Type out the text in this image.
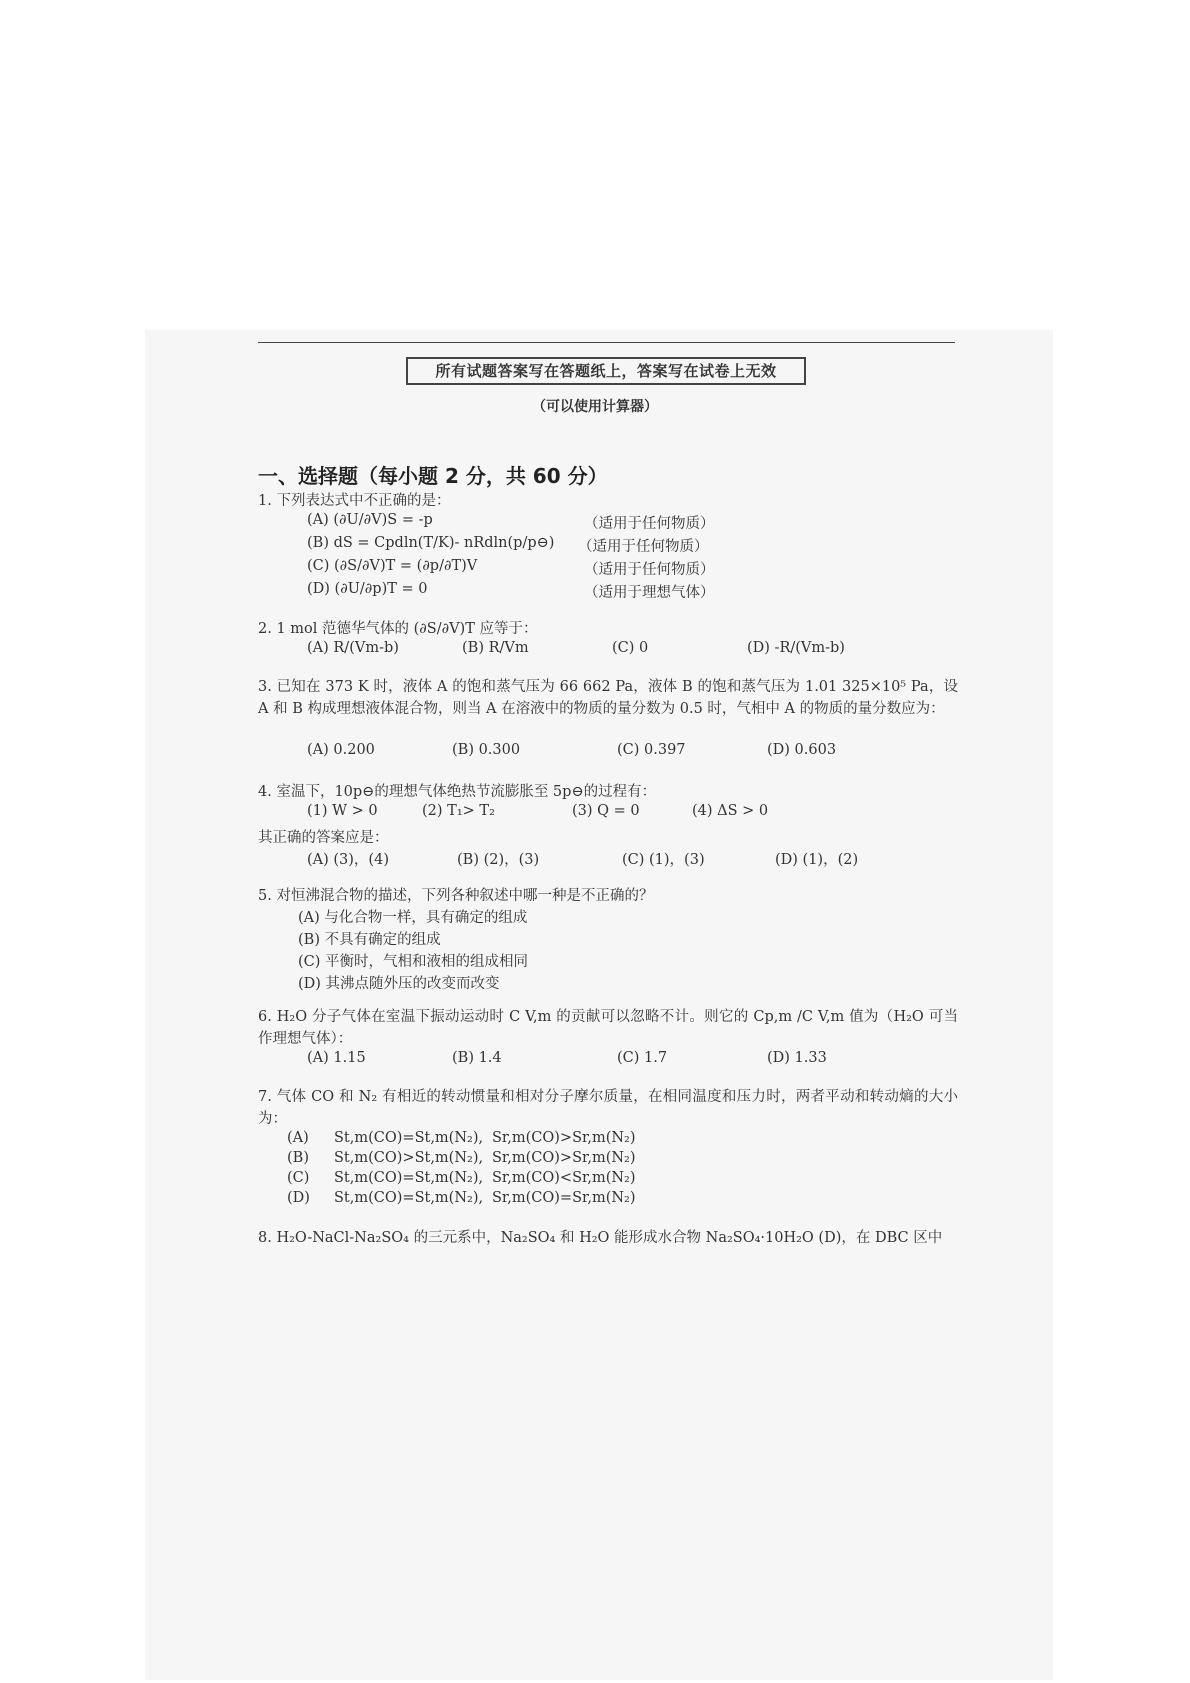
所有试题答案写在答题纸上，答案写在试卷上无效
（可以使用计算器）
一、选择题（每小题 2 分，共 60 分）
1. 下列表达式中不正确的是：
(A) (∂U/∂V)S = -p	（适用于任何物质）
(B) dS = Cpdln(T/K)- nRdln(p/p⊖) （适用于任何物质）
(C) (∂S/∂V)T = (∂p/∂T)V	（适用于任何物质）
(D) (∂U/∂p)T = 0	（适用于理想气体）
2. 1 mol 范德华气体的 (∂S/∂V)T 应等于：
(A) R/(Vm-b)	(B) R/Vm	(C) 0	(D) -R/(Vm-b)
3. 已知在 373 K 时，液体 A 的饱和蒸气压为 66 662 Pa，液体 B 的饱和蒸气压为 1.01 325×10⁵ Pa，设 A 和 B 构成理想液体混合物，则当 A 在溶液中的物质的量分数为 0.5 时，气相中 A 的物质的量分数应为：
(A) 0.200	(B) 0.300	(C) 0.397	(D) 0.603
4. 室温下，10p⊖的理想气体绝热节流膨胀至 5p⊖的过程有：
(1) W > 0	(2) T₁> T₂	(3) Q = 0	(4) ΔS > 0
其正确的答案应是：
(A) (3)，(4)	(B) (2)，(3)	(C) (1)，(3)	(D) (1)，(2)
5. 对恒沸混合物的描述，下列各种叙述中哪一种是不正确的？
(A) 与化合物一样，具有确定的组成
(B) 不具有确定的组成
(C) 平衡时，气相和液相的组成相同
(D) 其沸点随外压的改变而改变
6. H₂O 分子气体在室温下振动运动时 C V,m 的贡献可以忽略不计。则它的 Cp,m /C V,m 值为（H₂O 可当作理想气体）：
(A) 1.15	(B) 1.4	(C) 1.7	(D) 1.33
7. 气体 CO 和 N₂ 有相近的转动惯量和相对分子摩尔质量，在相同温度和压力时，两者平动和转动熵的大小为：
(A) St,m(CO)=St,m(N₂), Sr,m(CO)>Sr,m(N₂)
(B) St,m(CO)>St,m(N₂), Sr,m(CO)>Sr,m(N₂)
(C) St,m(CO)=St,m(N₂), Sr,m(CO)<Sr,m(N₂)
(D) St,m(CO)=St,m(N₂), Sr,m(CO)=Sr,m(N₂)
8. H₂O-NaCl-Na₂SO₄ 的三元系中，Na₂SO₄ 和 H₂O 能形成水合物 Na₂SO₄·10H₂O (D)，在 DBC 区中
